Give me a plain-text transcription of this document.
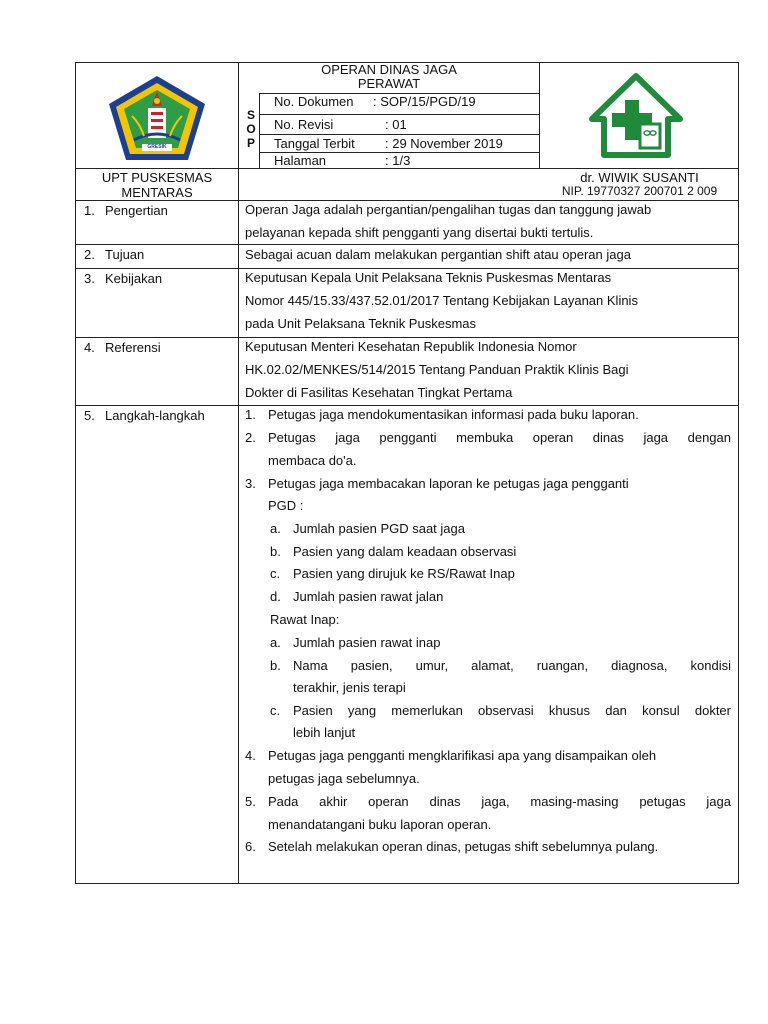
GRESIK
OPERAN DINAS JAGA
PERAWAT
S
O
P
No. Dokumen : SOP/15/PGD/19
No. Revisi	: 01
Tanggal Terbit : 29 November 2019
Halaman	: 1/3
UPT PUSKESMAS
MENTARAS
dr. WIWIK SUSANTI
NIP. 19770327 200701 2 009
1. Pengertian
2. Tujuan
3. Kebijakan
4. Referensi
5. Langkah-langkah
Operan Jaga adalah pergantian/pengalihan tugas dan tanggung jawab
pelayanan kepada shift pengganti yang disertai bukti tertulis.
Sebagai acuan dalam melakukan pergantian shift atau operan jaga
Keputusan Kepala Unit Pelaksana Teknis Puskesmas Mentaras
Nomor 445/15.33/437.52.01/2017 Tentang Kebijakan Layanan Klinis
pada Unit Pelaksana Teknik Puskesmas
Keputusan Menteri Kesehatan Republik Indonesia Nomor
HK.02.02/MENKES/514/2015 Tentang Panduan Praktik Klinis Bagi
Dokter di Fasilitas Kesehatan Tingkat Pertama
1. Petugas jaga mendokumentasikan informasi pada buku laporan.
2. Petugas jaga pengganti membuka operan dinas jaga dengan
membaca do'a.
3. Petugas jaga membacakan laporan ke petugas jaga pengganti
PGD :
a. Jumlah pasien PGD saat jaga
b. Pasien yang dalam keadaan observasi
c. Pasien yang dirujuk ke RS/Rawat Inap
d. Jumlah pasien rawat jalan
Rawat Inap:
a. Jumlah pasien rawat inap
b. Nama pasien, umur, alamat, ruangan, diagnosa, kondisi
terakhir, jenis terapi
c. Pasien yang memerlukan observasi khusus dan konsul dokter
lebih lanjut
4. Petugas jaga pengganti mengklarifikasi apa yang disampaikan oleh
petugas jaga sebelumnya.
5. Pada akhir operan dinas jaga, masing-masing petugas jaga
menandatangani buku laporan operan.
6. Setelah melakukan operan dinas, petugas shift sebelumnya pulang.
